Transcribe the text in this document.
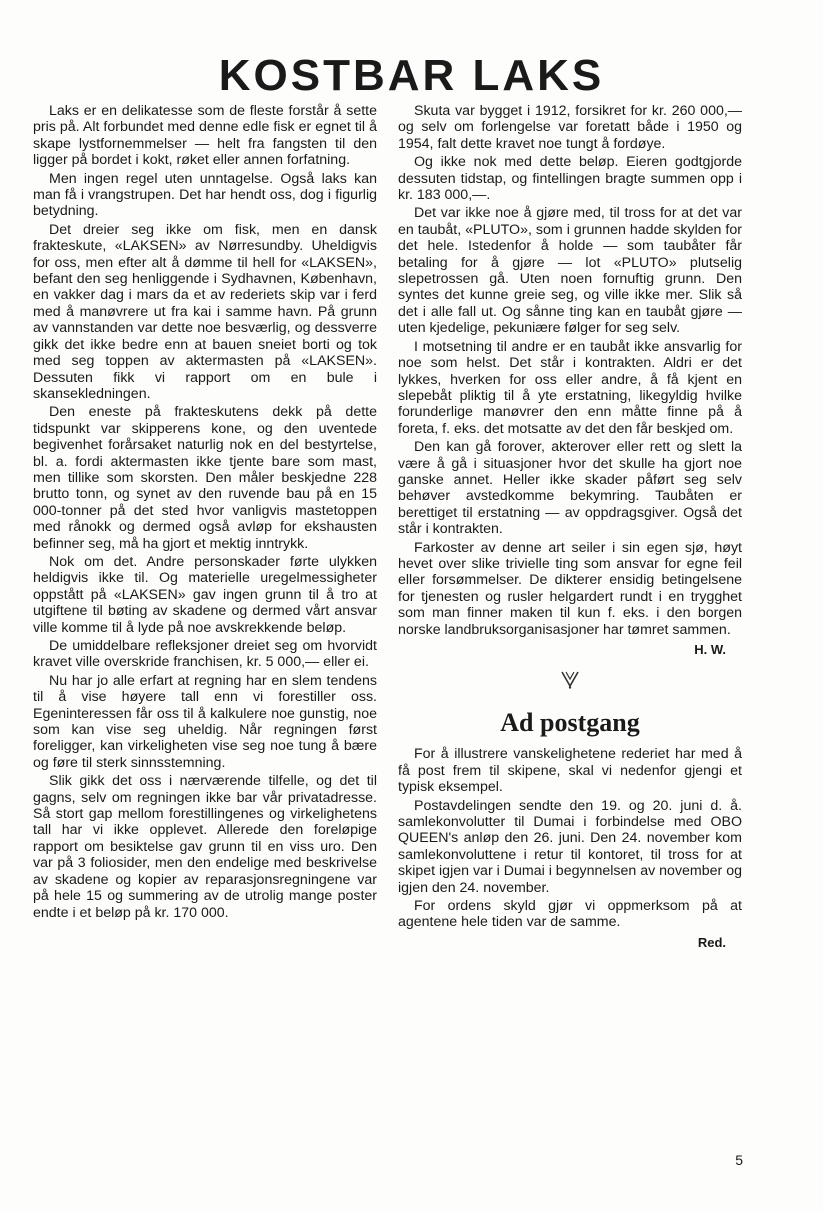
KOSTBAR LAKS

Laks er en delikatesse som de fleste forstår å sette pris på. Alt forbundet med denne edle fisk er egnet til å skape lystfornemmelser — helt fra fangsten til den ligger på bordet i kokt, røket eller annen forfatning.

Men ingen regel uten unntagelse. Også laks kan man få i vrangstrupen. Det har hendt oss, dog i figurlig betydning.

Det dreier seg ikke om fisk, men en dansk frakteskute, «LAKSEN» av Nørresundby. Uheldigvis for oss, men efter alt å dømme til hell for «LAKSEN», befant den seg henliggende i Sydhavnen, København, en vakker dag i mars da et av rederiets skip var i ferd med å manøvrere ut fra kai i samme havn. På grunn av vannstanden var dette noe besværlig, og dessverre gikk det ikke bedre enn at bauen sneiet borti og tok med seg toppen av aktermasten på «LAKSEN». Dessuten fikk vi rapport om en bule i skansekledningen.

Den eneste på frakteskutens dekk på dette tidspunkt var skipperens kone, og den uventede begivenhet forårsaket naturlig nok en del bestyrtelse, bl. a. fordi aktermasten ikke tjente bare som mast, men tillike som skorsten. Den måler beskjedne 228 brutto tonn, og synet av den ruvende bau på en 15 000-tonner på det sted hvor vanligvis mastetoppen med rånokk og dermed også avløp for ekshausten befinner seg, må ha gjort et mektig inntrykk.

Nok om det. Andre personskader førte ulykken heldigvis ikke til. Og materielle uregelmessigheter oppstått på «LAKSEN» gav ingen grunn til å tro at utgiftene til bøting av skadene og dermed vårt ansvar ville komme til å lyde på noe avskrekkende beløp.

De umiddelbare refleksjoner dreiet seg om hvorvidt kravet ville overskride franchisen, kr. 5 000,— eller ei.

Nu har jo alle erfart at regning har en slem tendens til å vise høyere tall enn vi forestiller oss. Egeninteressen får oss til å kalkulere noe gunstig, noe som kan vise seg uheldig. Når regningen først foreligger, kan virkeligheten vise seg noe tung å bære og føre til sterk sinnsstemning.

Slik gikk det oss i nærværende tilfelle, og det til gagns, selv om regningen ikke bar vår privatadresse. Så stort gap mellom forestillingenes og virkelighetens tall har vi ikke opplevet. Allerede den foreløpige rapport om besiktelse gav grunn til en viss uro. Den var på 3 foliosider, men den endelige med beskrivelse av skadene og kopier av reparasjonsregningene var på hele 15 og summering av de utrolig mange poster endte i et beløp på kr. 170 000.

Skuta var bygget i 1912, forsikret for kr. 260 000,— og selv om forlengelse var foretatt både i 1950 og 1954, falt dette kravet noe tungt å fordøye.

Og ikke nok med dette beløp. Eieren godtgjorde dessuten tidstap, og fintellingen bragte summen opp i kr. 183 000,—.

Det var ikke noe å gjøre med, til tross for at det var en taubåt, «PLUTO», som i grunnen hadde skylden for det hele. Istedenfor å holde — som taubåter får betaling for å gjøre — lot «PLUTO» plutselig slepetrossen gå. Uten noen fornuftig grunn. Den syntes det kunne greie seg, og ville ikke mer. Slik så det i alle fall ut. Og sånne ting kan en taubåt gjøre — uten kjedelige, pekuniære følger for seg selv.

I motsetning til andre er en taubåt ikke ansvarlig for noe som helst. Det står i kontrakten. Aldri er det lykkes, hverken for oss eller andre, å få kjent en slepebåt pliktig til å yte erstatning, likegyldig hvilke forunderlige manøvrer den enn måtte finne på å foreta, f. eks. det motsatte av det den får beskjed om.

Den kan gå forover, akterover eller rett og slett la være å gå i situasjoner hvor det skulle ha gjort noe ganske annet. Heller ikke skader påført seg selv behøver avstedkomme bekymring. Taubåten er berettiget til erstatning — av oppdragsgiver. Også det står i kontrakten.

Farkoster av denne art seiler i sin egen sjø, høyt hevet over slike trivielle ting som ansvar for egne feil eller forsømmelser. De dikterer ensidig betingelsene for tjenesten og rusler helgardert rundt i en trygghet som man finner maken til kun f. eks. i den borgen norske landbruksorganisasjoner har tømret sammen.

H. W.
Ad postgang

For å illustrere vanskelighetene rederiet har med å få post frem til skipene, skal vi nedenfor gjengi et typisk eksempel.

Postavdelingen sendte den 19. og 20. juni d. å. samlekonvolutter til Dumai i forbindelse med OBO QUEEN's anløp den 26. juni. Den 24. november kom samlekonvoluttene i retur til kontoret, til tross for at skipet igjen var i Dumai i begynnelsen av november og igjen den 24. november.

For ordens skyld gjør vi oppmerksom på at agentene hele tiden var de samme.

Red.
5
